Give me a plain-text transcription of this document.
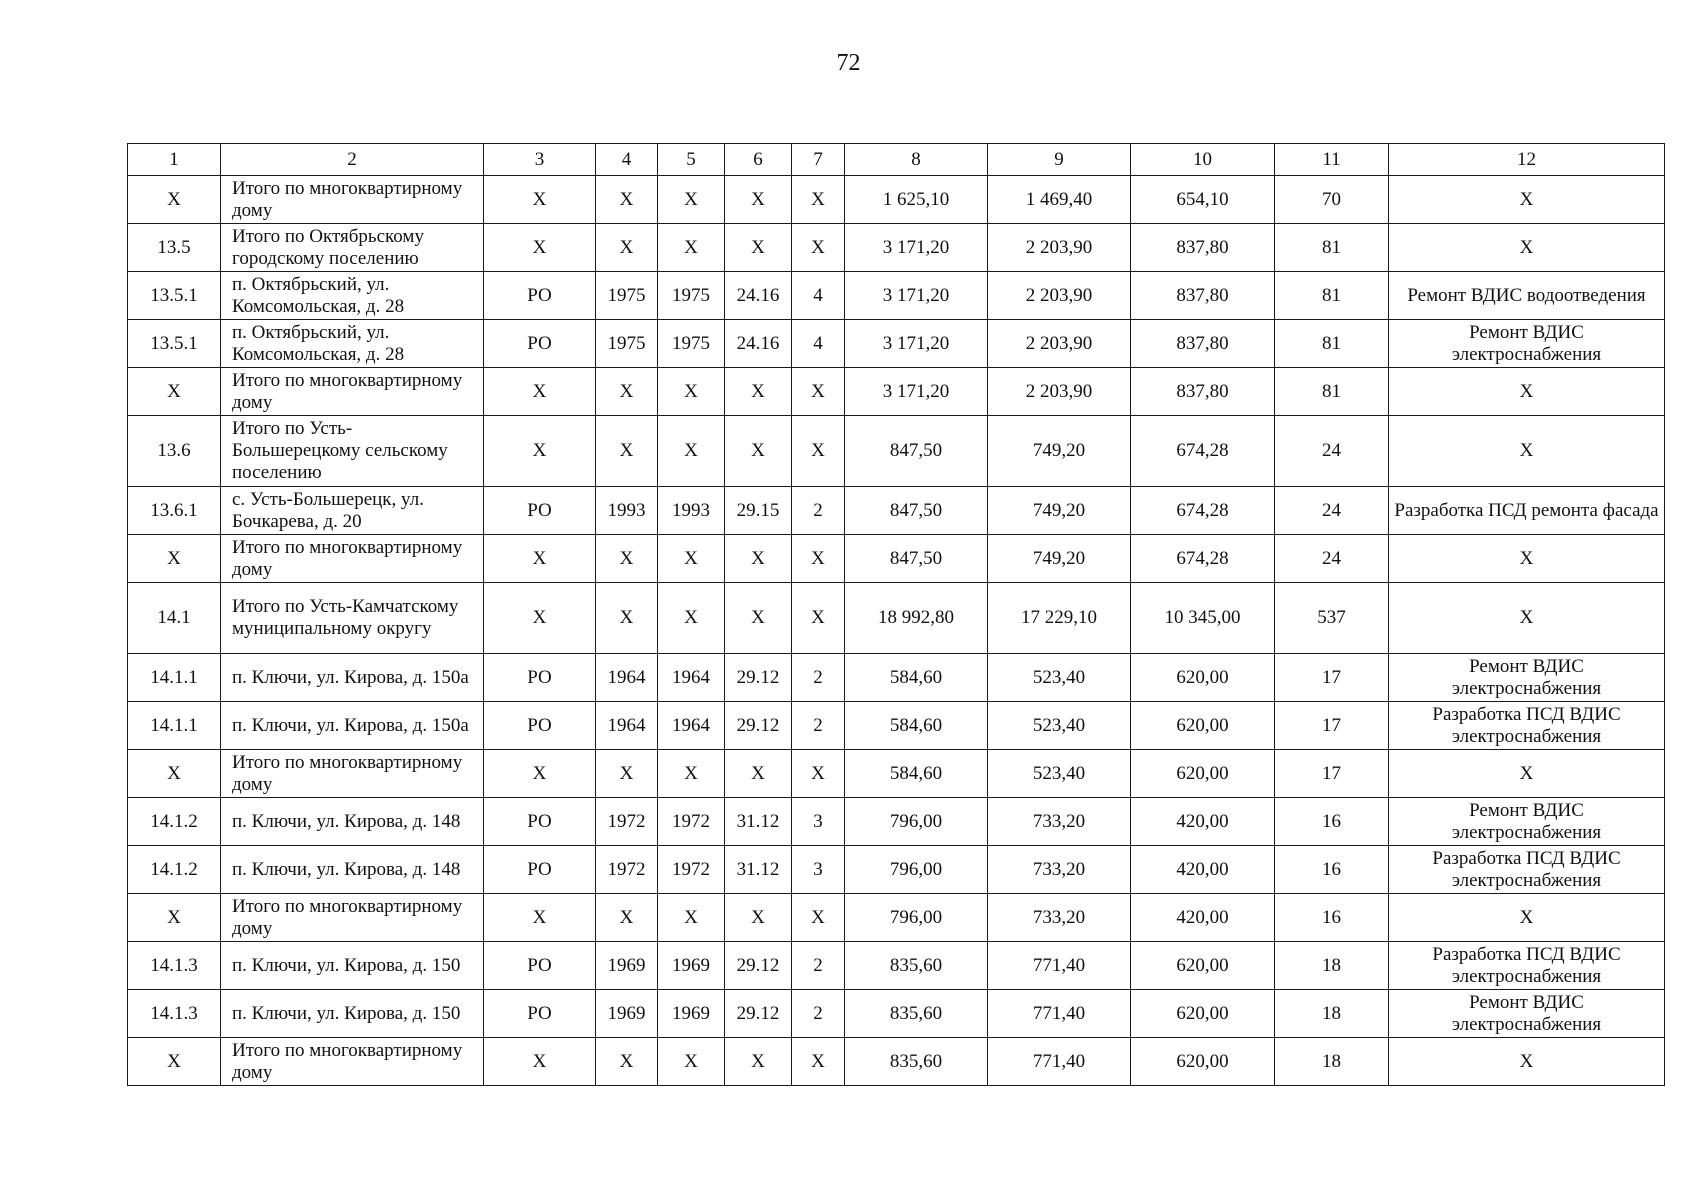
72
1	2	3	4	5	6	7	8	9	10	11	12
Х	Итого по многоквартирному дому	Х	Х	Х	Х	Х	1 625,10	1 469,40	654,10	70	Х
13.5	Итого по Октябрьскому городскому поселению	Х	Х	Х	Х	Х	3 171,20	2 203,90	837,80	81	Х
13.5.1	п. Октябрьский, ул. Комсомольская, д. 28	РО	1975	1975	24.16	4	3 171,20	2 203,90	837,80	81	Ремонт ВДИС водоотведения
13.5.1	п. Октябрьский, ул. Комсомольская, д. 28	РО	1975	1975	24.16	4	3 171,20	2 203,90	837,80	81	Ремонт ВДИС электроснабжения
Х	Итого по многоквартирному дому	Х	Х	Х	Х	Х	3 171,20	2 203,90	837,80	81	Х
13.6	Итого по Усть-Большерецкому сельскому поселению	Х	Х	Х	Х	Х	847,50	749,20	674,28	24	Х
13.6.1	с. Усть-Большерецк, ул. Бочкарева, д. 20	РО	1993	1993	29.15	2	847,50	749,20	674,28	24	Разработка ПСД ремонта фасада
Х	Итого по многоквартирному дому	Х	Х	Х	Х	Х	847,50	749,20	674,28	24	Х
14.1	Итого по Усть-Камчатскому муниципальному округу	Х	Х	Х	Х	Х	18 992,80	17 229,10	10 345,00	537	Х
14.1.1	п. Ключи, ул. Кирова, д. 150а	РО	1964	1964	29.12	2	584,60	523,40	620,00	17	Ремонт ВДИС электроснабжения
14.1.1	п. Ключи, ул. Кирова, д. 150а	РО	1964	1964	29.12	2	584,60	523,40	620,00	17	Разработка ПСД ВДИС электроснабжения
Х	Итого по многоквартирному дому	Х	Х	Х	Х	Х	584,60	523,40	620,00	17	Х
14.1.2	п. Ключи, ул. Кирова, д. 148	РО	1972	1972	31.12	3	796,00	733,20	420,00	16	Ремонт ВДИС электроснабжения
14.1.2	п. Ключи, ул. Кирова, д. 148	РО	1972	1972	31.12	3	796,00	733,20	420,00	16	Разработка ПСД ВДИС электроснабжения
Х	Итого по многоквартирному дому	Х	Х	Х	Х	Х	796,00	733,20	420,00	16	Х
14.1.3	п. Ключи, ул. Кирова, д. 150	РО	1969	1969	29.12	2	835,60	771,40	620,00	18	Разработка ПСД ВДИС электроснабжения
14.1.3	п. Ключи, ул. Кирова, д. 150	РО	1969	1969	29.12	2	835,60	771,40	620,00	18	Ремонт ВДИС электроснабжения
Х	Итого по многоквартирному дому	Х	Х	Х	Х	Х	835,60	771,40	620,00	18	Х
